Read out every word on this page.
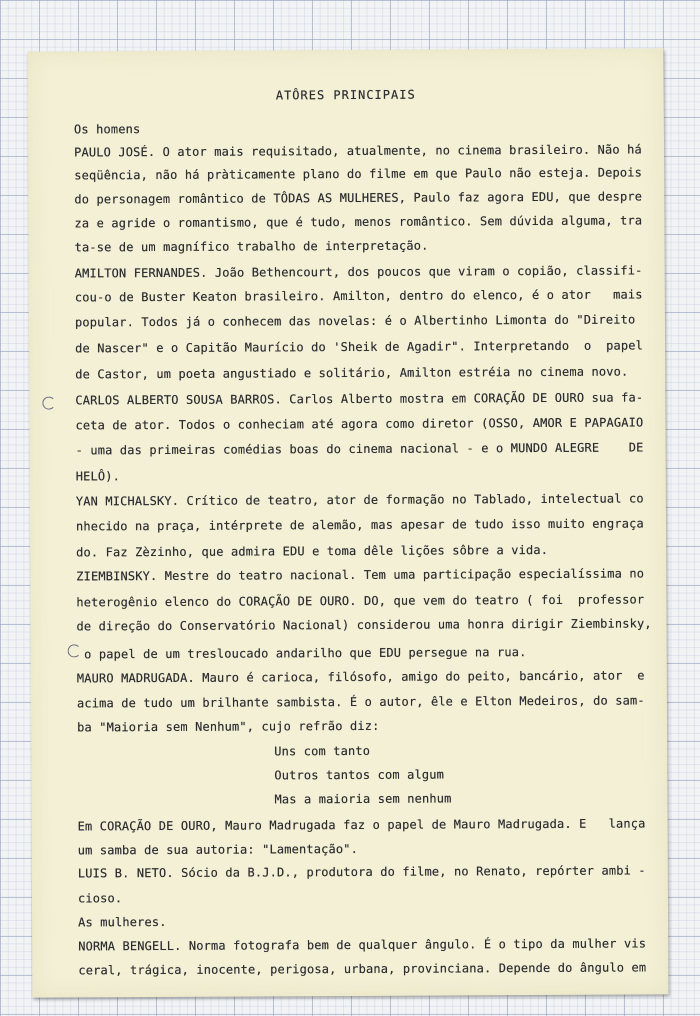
ATÔRES PRINCIPAIS
Os homens
PAULO JOSÉ. O ator mais requisitado, atualmente, no cinema brasileiro. Não há
seqüência, não há pràticamente plano do filme em que Paulo não esteja. Depois
do personagem romântico de TÔDAS AS MULHERES, Paulo faz agora EDU, que despre
za e agride o romantismo, que é tudo, menos romântico. Sem dúvida alguma, tra
ta-se de um magnífico trabalho de interpretação.
AMILTON FERNANDES. João Bethencourt, dos poucos que viram o copião, classifi-
cou-o de Buster Keaton brasileiro. Amilton, dentro do elenco, é o ator   mais
popular. Todos já o conhecem das novelas: é o Albertinho Limonta do "Direito
de Nascer" e o Capitão Maurício do 'Sheik de Agadir". Interpretando  o  papel
de Castor, um poeta angustiado e solitário, Amilton estréia no cinema novo.
CARLOS ALBERTO SOUSA BARROS. Carlos Alberto mostra em CORAÇÃO DE OURO sua fa-
ceta de ator. Todos o conheciam até agora como diretor (OSSO, AMOR E PAPAGAIO
- uma das primeiras comédias boas do cinema nacional - e o MUNDO ALEGRE    DE
HELÔ).
YAN MICHALSKY. Crítico de teatro, ator de formação no Tablado, intelectual co
nhecido na praça, intérprete de alemão, mas apesar de tudo isso muito engraça
do. Faz Zèzinho, que admira EDU e toma dêle lições sôbre a vida.
ZIEMBINSKY. Mestre do teatro nacional. Tem uma participação especialíssima no
heterogênio elenco do CORAÇÃO DE OURO. DO, que vem do teatro ( foi  professor
de direção do Conservatório Nacional) considerou uma honra dirigir Ziembinsky,
o papel de um tresloucado andarilho que EDU persegue na rua.
MAURO MADRUGADA. Mauro é carioca, filósofo, amigo do peito, bancário, ator  e
acima de tudo um brilhante sambista. É o autor, êle e Elton Medeiros, do sam-
ba "Maioria sem Nenhum", cujo refrão diz:
Uns com tanto
Outros tantos com algum
Mas a maioria sem nenhum
Em CORAÇÃO DE OURO, Mauro Madrugada faz o papel de Mauro Madrugada. E   lança
um samba de sua autoria: "Lamentação".
LUIS B. NETO. Sócio da B.J.D., produtora do filme, no Renato, repórter ambi -
cioso.
As mulheres.
NORMA BENGELL. Norma fotografa bem de qualquer ângulo. É o tipo da mulher vis
ceral, trágica, inocente, perigosa, urbana, provinciana. Depende do ângulo em
